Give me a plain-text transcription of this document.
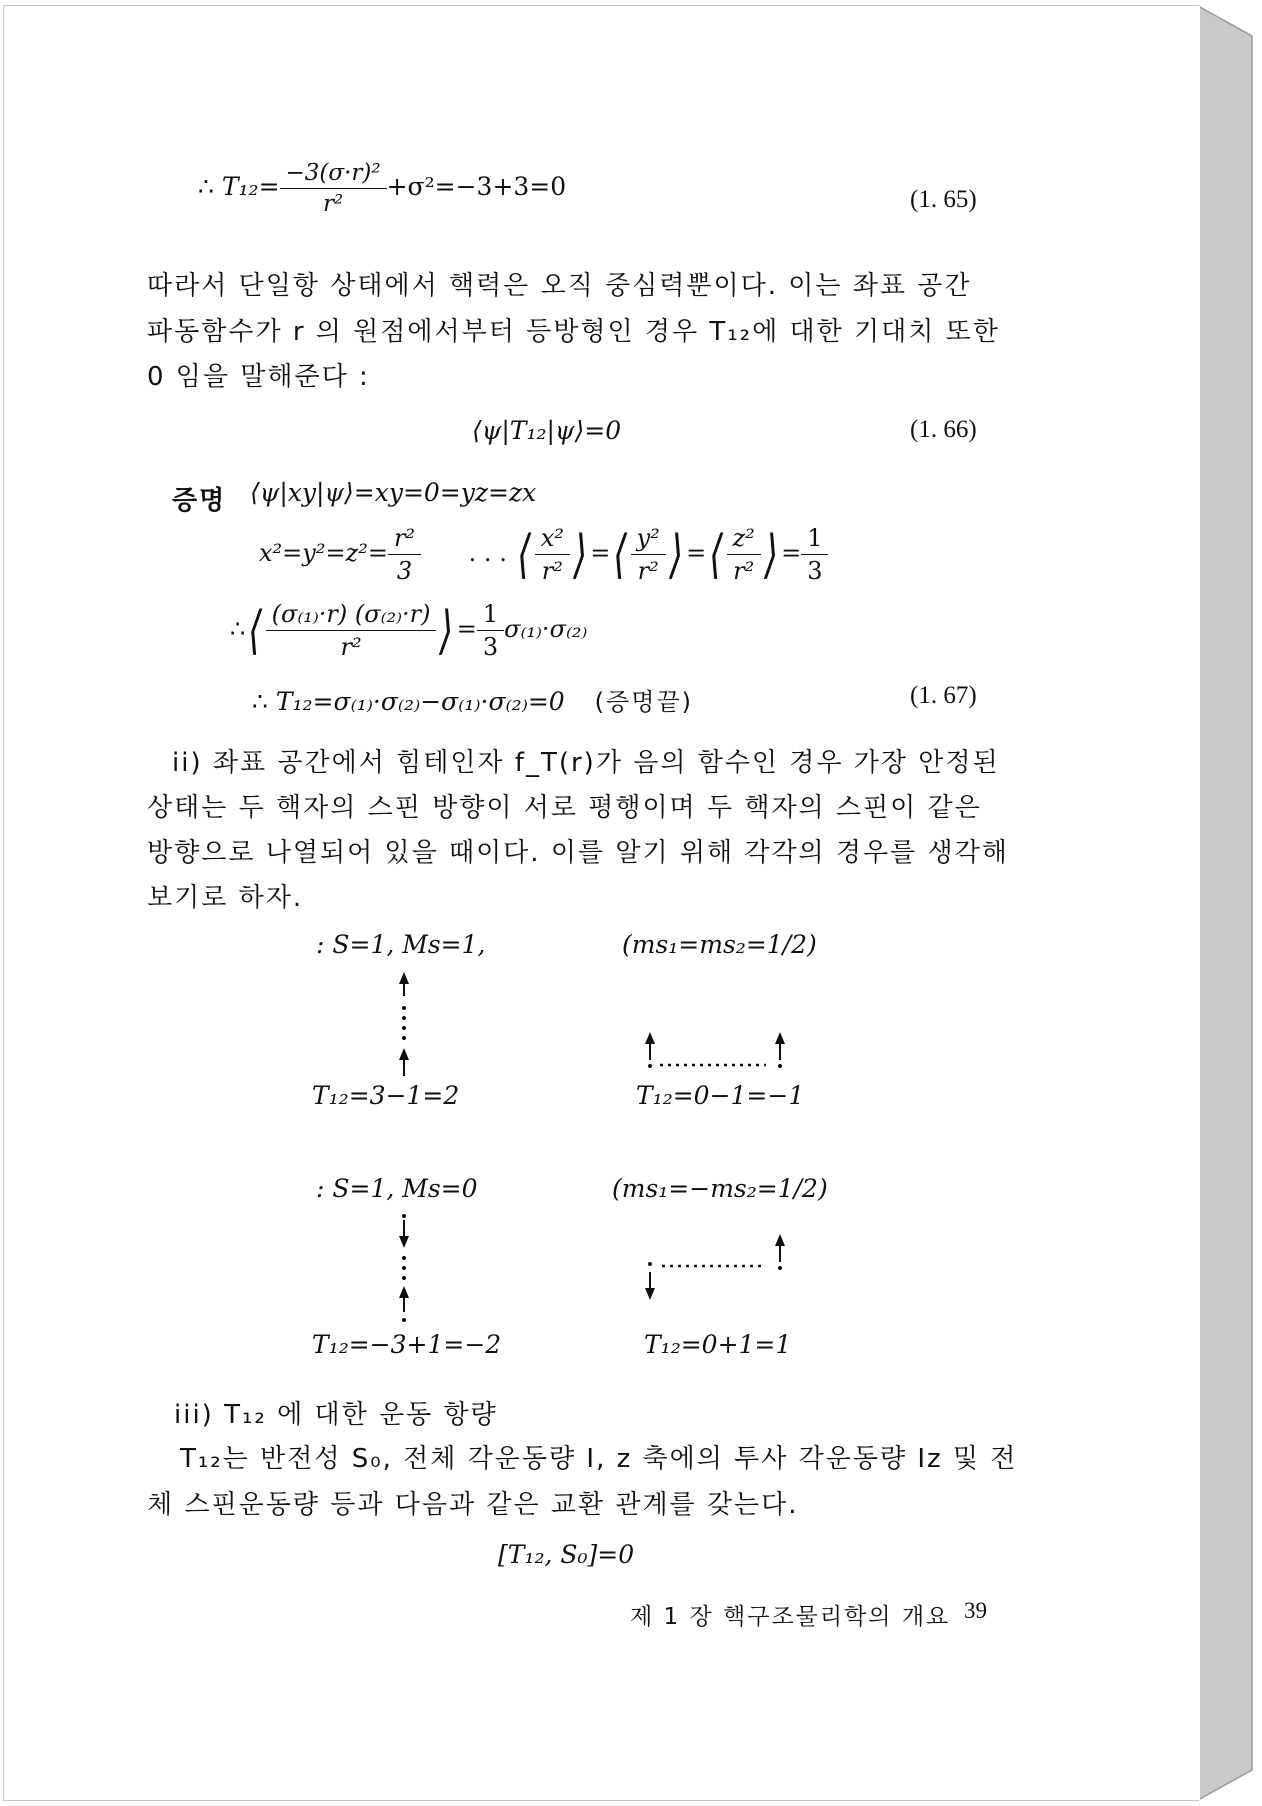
∴ $T_{12}= \frac{\text{−3(σ·r)²}}{\text{r²}} +\sigma^2=-3+3=0$	(1. 65)
따라서 단일항 상태에서 핵력은 오직 중심력뿐이다. 이는 좌표 공간
파동함수가 r 의 원점에서부터 등방형인 경우 T₁₂에 대한 기대치 또한
0 임을 말해준다 :
⟨ψ|T₁₂|ψ⟩=0	(1. 66)
증명 ⟨ψ|xy|ψ⟩=xy=0=yz=zx
$x^2=y^2=z^2= \frac{\text{r²}}{3}$ . . . ⟨ $\frac{\text{x²}}{\text{r²}}$ ⟩ =⟨ $\frac{\text{y²}}{\text{r²}}$ ⟩ =⟨ $\frac{\text{z²}}{\text{r²}}$ ⟩ = $\frac{1}{3}$
∴⟨ $\frac{\text{(σ₍₁₎·r) (σ₍₂₎·r)}}{\text{r²}}$ ⟩ = $\frac{1}{3} \sigma_{(1)}\cdot\sigma_{(2)}$
∴ T₁₂=σ₍₁₎·σ₍₂₎−σ₍₁₎·σ₍₂₎=0 (증명끝)	(1. 67)
ii) 좌표 공간에서 힘테인자 f_T(r)가 음의 함수인 경우 가장 안정된
상태는 두 핵자의 스핀 방향이 서로 평행이며 두 핵자의 스핀이 같은
방향으로 나열되어 있을 때이다. 이를 알기 위해 각각의 경우를 생각해
보기로 하자.
: S=1, Ms=1,	(ms₁=ms₂=1/2)
T₁₂=3−1=2	T₁₂=0−1=−1
: S=1, Ms=0	(ms₁=−ms₂=1/2)
T₁₂=−3+1=−2	T₁₂=0+1=1
iii) T₁₂ 에 대한 운동 항량
T₁₂는 반전성 S₀, 전체 각운동량 I, z 축에의 투사 각운동량 Iz 및 전
체 스핀운동량 등과 다음과 같은 교환 관계를 갖는다.
[T₁₂, S₀]=0
제 1 장 핵구조물리학의 개요 39
